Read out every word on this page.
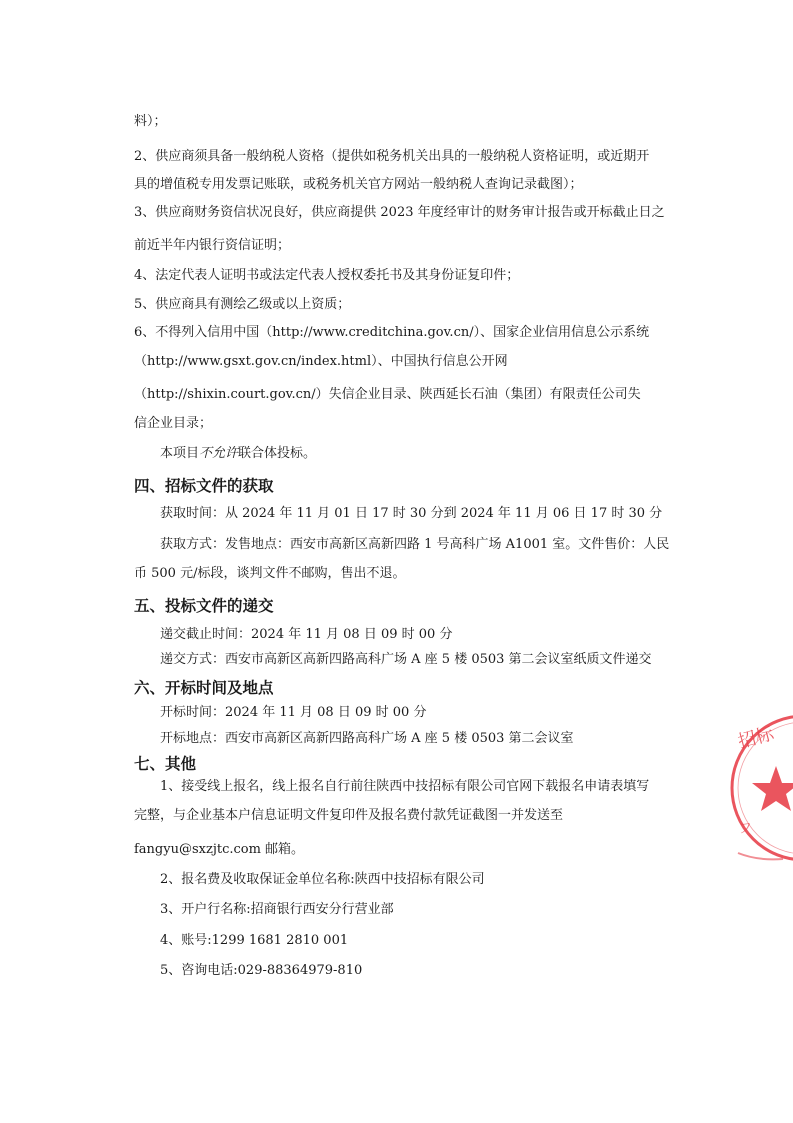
料）；
2、供应商须具备一般纳税人资格（提供如税务机关出具的一般纳税人资格证明，或近期开
具的增值税专用发票记账联，或税务机关官方网站一般纳税人查询记录截图）；
3、供应商财务资信状况良好，供应商提供 2023 年度经审计的财务审计报告或开标截止日之
前近半年内银行资信证明；
4、法定代表人证明书或法定代表人授权委托书及其身份证复印件；
5、供应商具有测绘乙级或以上资质；
6、不得列入信用中国（http://www.creditchina.gov.cn/）、国家企业信用信息公示系统
（http://www.gsxt.gov.cn/index.html）、中国执行信息公开网
（http://shixin.court.gov.cn/）失信企业目录、陕西延长石油（集团）有限责任公司失
信企业目录；
本项目不允许联合体投标。
四、招标文件的获取
获取时间：从 2024 年 11 月 01 日 17 时 30 分到 2024 年 11 月 06 日 17 时 30 分
获取方式：发售地点：西安市高新区高新四路 1 号高科广场 A1001 室。文件售价：人民
币 500 元/标段，谈判文件不邮购，售出不退。
五、投标文件的递交
递交截止时间：2024 年 11 月 08 日 09 时 00 分
递交方式：西安市高新区高新四路高科广场 A 座 5 楼 0503 第二会议室纸质文件递交
六、开标时间及地点
开标时间：2024 年 11 月 08 日 09 时 00 分
开标地点：西安市高新区高新四路高科广场 A 座 5 楼 0503 第二会议室
七、其他
1、接受线上报名，线上报名自行前往陕西中技招标有限公司官网下载报名申请表填写
完整，与企业基本户信息证明文件复印件及报名费付款凭证截图一并发送至
fangyu@sxzjtc.com 邮箱。
2、报名费及收取保证金单位名称:陕西中技招标有限公司
3、开户行名称:招商银行西安分行营业部
4、账号:1299 1681 2810 001
5、咨询电话:029-88364979-810
招标
フ
